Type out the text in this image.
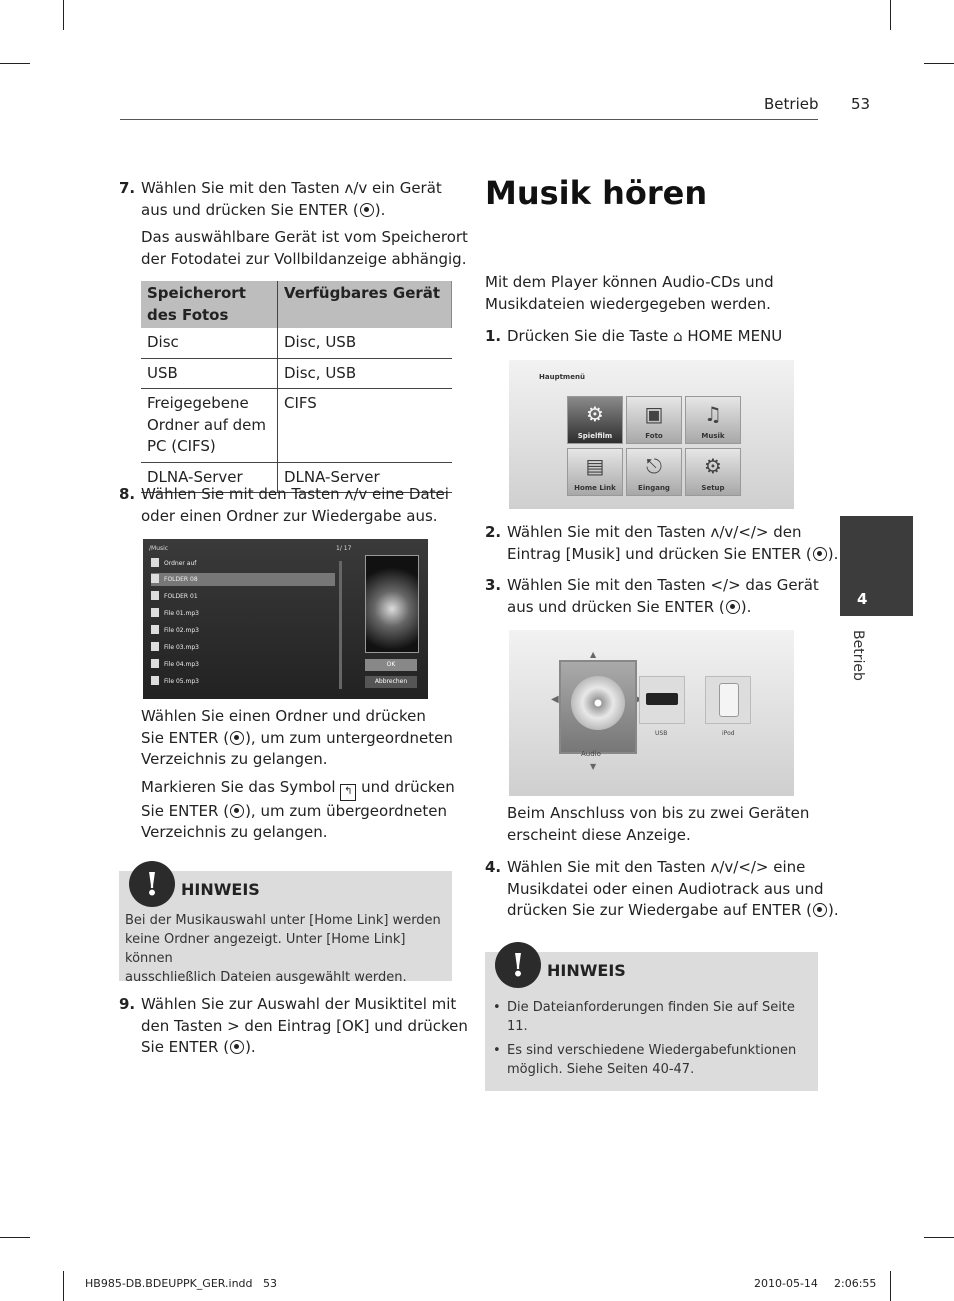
Betrieb 53
7. Wählen Sie mit den Tasten ʌ/v ein Gerät
aus und drücken Sie ENTER ( ).
Das auswählbare Gerät ist vom Speicherort
der Fotodatei zur Vollbildanzeige abhängig.
Speicherort des Fotos	Verfügbares Gerät
Disc	Disc, USB
USB	Disc, USB
Freigegebene Ordner auf dem PC (CIFS)	CIFS
DLNA-Server	DLNA-Server
8. Wählen Sie mit den Tasten ʌ/v eine Datei
oder einen Ordner zur Wiedergabe aus.
/Music	1/ 17
Ordner auf
FOLDER 08
FOLDER 01
File 01.mp3
File 02.mp3
File 03.mp3
File 04.mp3
File 05.mp3
OK
Abbrechen
Wählen Sie einen Ordner und drücken
Sie ENTER ( ), um zum untergeordneten
Verzeichnis zu gelangen.
Markieren Sie das Symbol ↰ und drücken
Sie ENTER ( ), um zum übergeordneten
Verzeichnis zu gelangen.
!	HINWEIS
Bei der Musikauswahl unter [Home Link] werden
keine Ordner angezeigt. Unter [Home Link] können
ausschließlich Dateien ausgewählt werden.
9. Wählen Sie zur Auswahl der Musiktitel mit
den Tasten > den Eintrag [OK] und drücken
Sie ENTER ( ).
Musik hören
Mit dem Player können Audio-CDs und
Musikdateien wiedergegeben werden.
1. Drücken Sie die Taste ⌂ HOME MENU
Hauptmenü
⚙
Spielfilm
▣
Foto
♫
Musik
▤
Home Link
⎋
Eingang
⚙
Setup
2. Wählen Sie mit den Tasten ʌ/v/</> den
Eintrag [Musik] und drücken Sie ENTER ( ).
3. Wählen Sie mit den Tasten </> das Gerät
aus und drücken Sie ENTER ( ).
▲
◀
Audio
▼
USB	iPod
Beim Anschluss von bis zu zwei Geräten
erscheint diese Anzeige.
4. Wählen Sie mit den Tasten ʌ/v/</> eine
Musikdatei oder einen Audiotrack aus und
drücken Sie zur Wiedergabe auf ENTER ( ).
!	HINWEIS
• Die Dateianforderungen finden Sie auf Seite 11.
• Es sind verschiedene Wiedergabefunktionen
möglich. Siehe Seiten 40-47.
4
Betrieb
HB985-DB.BDEUPPK_GER.indd   53	2010-05-14 2:06:55
